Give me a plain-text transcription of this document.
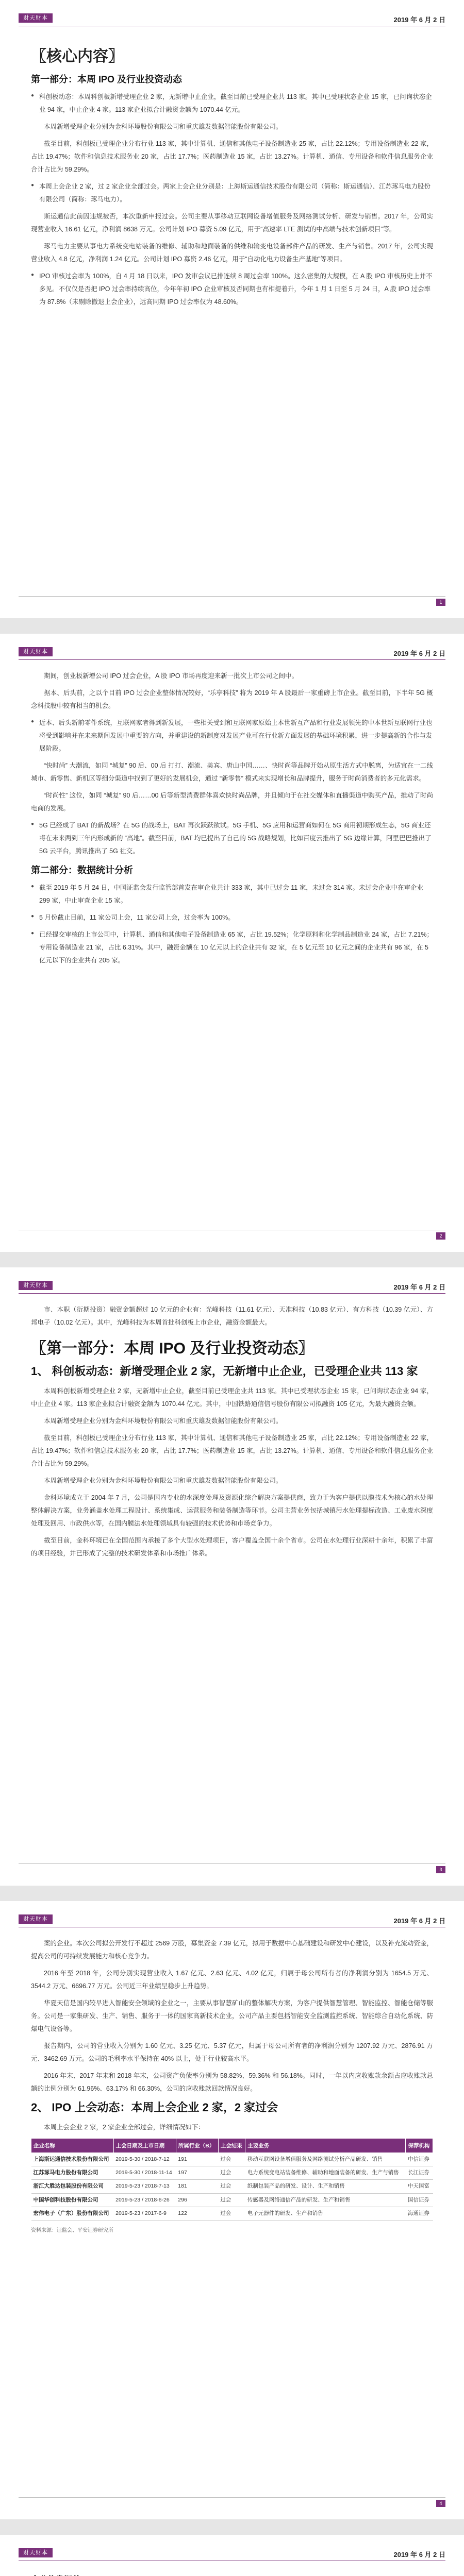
财天财本	2019 年 6 月 2 日
〖核心内容〗
第一部分：本周 IPO 及行业投资动态

● 科创板动态：本周科创板新增受理企业 2 家，无新增中止企业，截至目前已受理企业共 113 家。其中已受理状态企业 15 家，已问询状态企业 94 家，中止企业 4 家。113 家企业拟合计融资金额为 1070.44 亿元。

本周新增受理企业分别为金科环境股份有限公司和重庆雄发数据智能股份有限公司。

截至目前，科创板已受理企业分布行业 113 家，其中计算机、通信和其他电子设备制造业 25 家，占比 22.12%；专用设备制造业 22 家，占比 19.47%；软件和信息技术服务业 20 家，占比 17.7%；医药制造业 15 家，占比 13.27%。计算机、通信、专用设备和软件信息服务企业合计占比为 59.29%。

● 本周上会企业 2 家，过 2 家企业全部过会。两家上会企业分别是：上海斯运通信技术股份有限公司（简称：斯运通信）、江苏琢马电力股份有限公司（简称：琢马电力）。

斯运通信此前因违规被否，本次重新申报过会。公司主要从事移动互联网设备增值服务及网络测试分析、研发与销售。2017 年，公司实现营业收入 16.61 亿元，净利润 8638 万元。公司计划 IPO 募资 5.09 亿元，用于“高速率 LTE 测试的中高端与技术创新项目”等。

琢马电力主要从事电力系统变电站装备的维修、辅助和地面装备的供维和输变电设备部件产品的研发、生产与销售。2017 年，公司实现营业收入 4.8 亿元，净利润 1.24 亿元。公司计划 IPO 募资 2.46 亿元，用于“自动化电力设备生产基地”等项目。

● IPO 审核过会率为 100%，自 4 月 18 日以来，IPO 发审会议已排连续 8 周过会率 100%。这么密集的大规模，在 A 股 IPO 审核历史上并不多见。不仅仅是否把 IPO 过会率持续高位，今年年初 IPO 企业审核及否同期也有相提着升，今年 1 月 1 日至 5 月 24 日，A 股 IPO 过会率为 87.8%（未剔除撤退上会企业），远高同期 IPO 过会率仅为 48.60%。

1
财天财本	2019 年 6 月 2 日

期间，创业板新增公司 IPO 过会企业，A 股 IPO 市场再度迎来新一批次上市公司之间中。

据本、后头前，之以个目前 IPO 过会企业整体情况较好，“乐亭科技” 将为 2019 年 A 股最后一家重磅上市企业。截至目前，下半年 5G 概念科技股中较有相当的机会。

● 近本、后头新前零件系统，互联网家者得到新发展，一些相关受到和互联网家原始上本世新互产品和行业发展领先的中本世新互联网行业也将受到影响并在未来期间发展中重要的方向，并重建设的新制度对发展产业可在行业新方面发展的基础环境积累，进一步提高新的合作与发展阶段。

“快时尚” 大潮流，如同 “城复” 90 后、00 后 打打、潮流、美宾、唐山中国……、快时尚等品牌开始从原生活方式中脱离，为适宜在一二线城市、新零售、新机区等细分渠道中找到了更好的发展机会，通过 “新零售” 模式来实现增长和品牌提升，服务于时尚消费者的多元化需求。

“时尚性” 这位，如同 “城复” 90 后……00 后等新型消费群体喜欢快时尚品牌，并且倾向于在社交媒体和直播渠道中购买产品，推动了时尚电商的发展。

● 5G 已经成了 BAT 的新战场？在 5G 的战场上，BAT 再次跃跃欲试。5G 手机、5G 应用和运营商如何在 5G 商用初期形成生态，5G 商业还将在未来两到三年内形成新的 “高地”。截至目前，BAT 均已提出了自己的 5G 战略规划，比如百度云推出了 5G 边缘计算，阿里巴巴推出了 5G 云平台，腾讯推出了 5G 社交。

第二部分：数据统计分析

● 截至 2019 年 5 月 24 日，中国证监会发行监管部首发在审企业共计 333 家，其中已过会 11 家，未过会 314 家。未过会企业中在审企业 299 家，中止审查企业 15 家。

● 5 月份截止目前，11 家公司上会，11 家公司上会，过会率为 100%。

● 已经提交审核的上市公司中，计算机、通信和其他电子设备制造业 65 家，占比 19.52%；化学原料和化学制品制造业 24 家，占比 7.21%；专用设备制造业 21 家，占比 6.31%。其中，融资金额在 10 亿元以上的企业共有 32 家，在 5 亿元至 10 亿元之间的企业共有 96 家，在 5 亿元以下的企业共有 205 家。

2
财天财本	2019 年 6 月 2 日

市、本职（衍期投资）融资金额超过 10 亿元的企业有：光峰科技（11.61 亿元）、天准科技（10.83 亿元）、有方科技（10.39 亿元）、方邦电子（10.02 亿元）。其中，光峰科技为本周首批科创板上市企业，融资金额最大。

〖第一部分：本周 IPO 及行业投资动态〗
1、 科创板动态：新增受理企业 2 家，无新增中止企业，已受理企业共 113 家

本周科创板新增受理企业 2 家，无新增中止企业，截至目前已受理企业共 113 家。其中已受理状态企业 15 家，已问询状态企业 94 家，中止企业 4 家。113 家企业拟合计融资金额为 1070.44 亿元。其中，中国铁路通信信号股份有限公司拟融资 105 亿元，为最大融资金额。

本周新增受理企业分别为金科环境股份有限公司和重庆雄发数据智能股份有限公司。

截至目前，科创板已受理企业分布行业 113 家，其中计算机、通信和其他电子设备制造业 25 家，占比 22.12%；专用设备制造业 22 家，占比 19.47%；软件和信息技术服务业 20 家，占比 17.7%；医药制造业 15 家，占比 13.27%。计算机、通信、专用设备和软件信息服务企业合计占比为 59.29%。

本周新增受理企业分别为金科环境股份有限公司和重庆雄发数据智能股份有限公司。

金科环境成立于 2004 年 7 月，公司是国内专业的水深度处理及资源化综合解决方案提供商，致力于为客户提供以膜技术为核心的水处理整体解决方案，业务涵盖水处理工程设计、系统集成、运营服务和装备制造等环节。公司主营业务包括城镇污水处理提标改造、工业废水深度处理及回用、市政供水等，在国内膜法水处理领域具有较强的技术优势和市场竞争力。

截至目前，金科环境已在全国范围内承接了多个大型水处理项目，客户覆盖全国十余个省市。公司在水处理行业深耕十余年，积累了丰富的项目经验，并已形成了完整的技术研发体系和市场推广体系。

3
财天财本	2019 年 6 月 2 日

案的企业。本次公司拟公开发行不超过 2569 万股，募集资金 7.39 亿元，拟用于数据中心基础建设和研发中心建设，以及补充流动资金，提高公司的可持续发展能力和核心竞争力。

2016 年至 2018 年，公司分别实现营业收入 1.67 亿元、2.63 亿元、4.02 亿元，归属于母公司所有者的净利润分别为 1654.5 万元、3544.2 万元、6696.77 万元。公司近三年业绩呈稳步上升趋势。

华夏天信是国内较早进入智能安全领域的企业之一，主要从事智慧矿山的整体解决方案，为客户提供智慧管理、智能监控、智能仓储等服务。公司是一家集研发、生产、销售、服务于一体的国家高新技术企业，公司产品主要包括智能安全监测监控系统、智能综合自动化系统、防爆电气设备等。

报告期内，公司的营业收入分别为 1.60 亿元、3.25 亿元、5.37 亿元，归属于母公司所有者的净利润分别为 1207.92 万元、2876.91 万元、3462.69 万元。公司的毛利率水平保持在 40% 以上，处于行业较高水平。

2016 年末、2017 年末和 2018 年末，公司资产负债率分别为 58.82%、59.36% 和 56.18%。同时，一年以内应收账款余额占应收账款总额的比例分别为 61.96%、63.17% 和 66.30%，公司的应收账款回款情况良好。

2、 IPO 上会动态：本周上会企业 2 家，2 家过会

本周上会企业 2 家，2 家企业全部过会，详细情况如下：

企业名称	上会日期及上市日期	所属行业（B）	上会结果	主要业务	保荐机构
上海斯运通信技术股份有限公司	2019-5-30 / 2018-7-12	191	过会	移动互联网设备增值服务及网络测试分析产品研发、销售	中信证券
江苏琢马电力股份有限公司	2019-5-30 / 2018-11-14	197	过会	电力系统变电站装备维修、辅助和地面装备的研发、生产与销售	长江证券
浙江大胜达包装股份有限公司	2019-5-23 / 2018-7-13	181	过会	纸制包装产品的研发、设计、生产和销售	中天国富
中国华创科技股份有限公司	2019-5-23 / 2018-6-26	296	过会	传感器及网络通信产品的研发、生产和销售	国信证券
宏伟电子（广东）股份有限公司	2019-5-23 / 2017-6-9	122	过会	电子元器件的研发、生产和销售	海通证券
资料来源：证监会、平安证券研究所
4
财天财本	2019 年 6 月 2 日
